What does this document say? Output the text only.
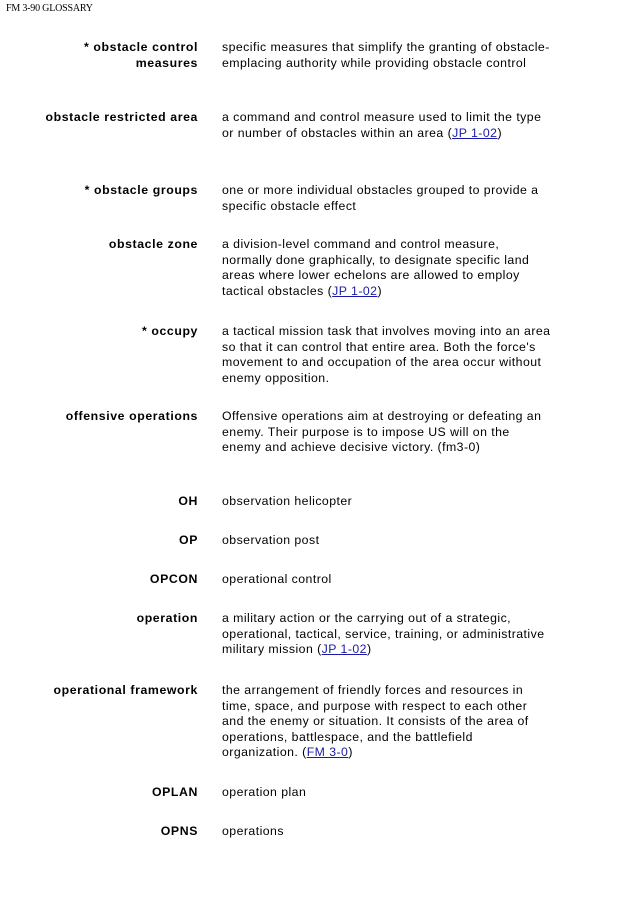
FM 3-90 GLOSSARY
* obstacle control
measures
specific measures that simplify the granting of obstacle-emplacing authority while providing obstacle control
obstacle restricted area a command and control measure used to limit the type or number of obstacles within an area (JP 1-02)
* obstacle groups one or more individual obstacles grouped to provide a specific obstacle effect
obstacle zone a division-level command and control measure, normally done graphically, to designate specific land areas where lower echelons are allowed to employ tactical obstacles (JP 1-02)
* occupy a tactical mission task that involves moving into an area so that it can control that entire area. Both the force's movement to and occupation of the area occur without enemy opposition.
offensive operations Offensive operations aim at destroying or defeating an enemy. Their purpose is to impose US will on the enemy and achieve decisive victory. (fm3-0)
OH observation helicopter
OP observation post
OPCON operational control
operation a military action or the carrying out of a strategic, operational, tactical, service, training, or administrative military mission (JP 1-02)
operational framework the arrangement of friendly forces and resources in time, space, and purpose with respect to each other and the enemy or situation. It consists of the area of operations, battlespace, and the battlefield organization. (FM 3-0)
OPLAN operation plan
OPNS operations
